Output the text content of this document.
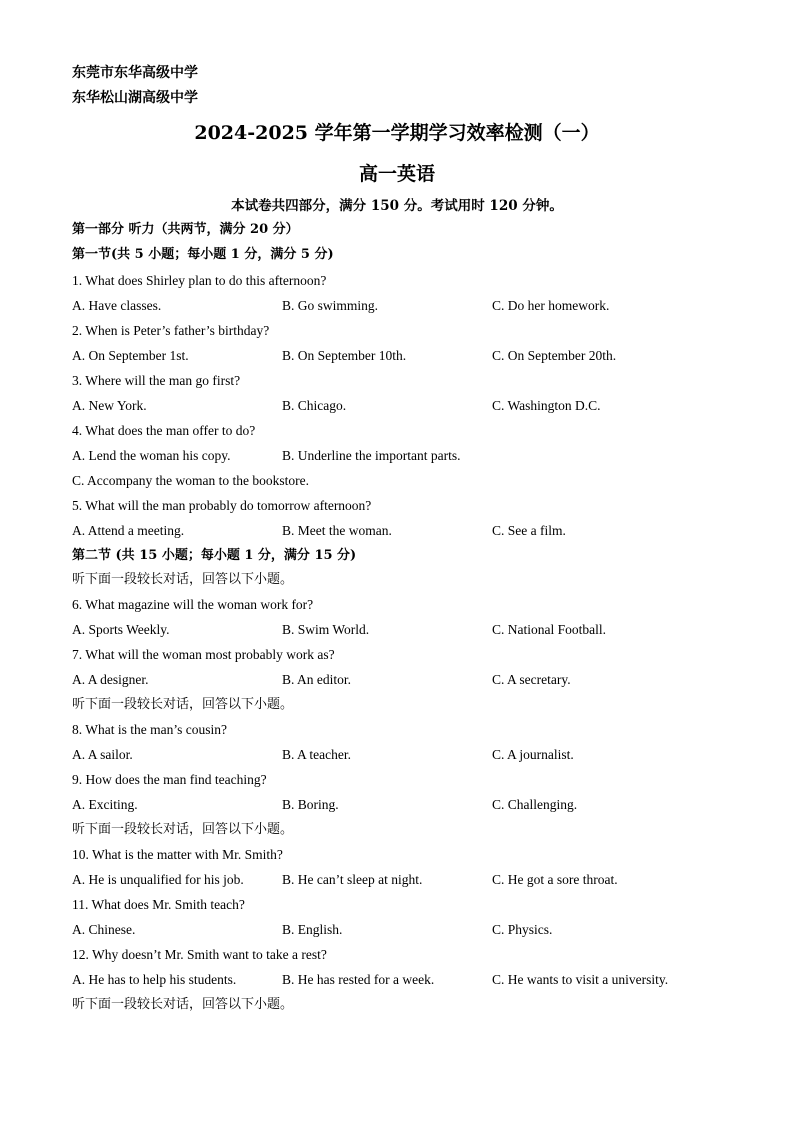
东莞市东华高级中学
东华松山湖高级中学
2024-2025 学年第一学期学习效率检测（一）
高一英语
本试卷共四部分，满分 150 分。考试用时 120 分钟。
第一部分 听力（共两节，满分 20 分）
第一节(共 5 小题；每小题 1 分，满分 5 分)
1. What does Shirley plan to do this afternoon?
A. Have classes.	B. Go swimming.	C. Do her homework.
2. When is Peter’s father’s birthday?
A. On September 1st.	B. On September 10th.	C. On September 20th.
3. Where will the man go first?
A. New York.	B. Chicago.	C. Washington D.C.
4. What does the man offer to do?
A. Lend the woman his copy.	B. Underline the important parts.
C. Accompany the woman to the bookstore.
5. What will the man probably do tomorrow afternoon?
A. Attend a meeting.	B. Meet the woman.	C. See a film.
第二节 (共 15 小题；每小题 1 分，满分 15 分)
听下面一段较长对话，回答以下小题。
6. What magazine will the woman work for?
A. Sports Weekly.	B. Swim World.	C. National Football.
7. What will the woman most probably work as?
A. A designer.	B. An editor.	C. A secretary.
听下面一段较长对话，回答以下小题。
8. What is the man’s cousin?
A. A sailor.	B. A teacher.	C. A journalist.
9. How does the man find teaching?
A. Exciting.	B. Boring.	C. Challenging.
听下面一段较长对话，回答以下小题。
10. What is the matter with Mr. Smith?
A. He is unqualified for his job.	B. He can’t sleep at night.	C. He got a sore throat.
11. What does Mr. Smith teach?
A. Chinese.	B. English.	C. Physics.
12. Why doesn’t Mr. Smith want to take a rest?
A. He has to help his students.	B. He has rested for a week.	C. He wants to visit a university.
听下面一段较长对话，回答以下小题。
